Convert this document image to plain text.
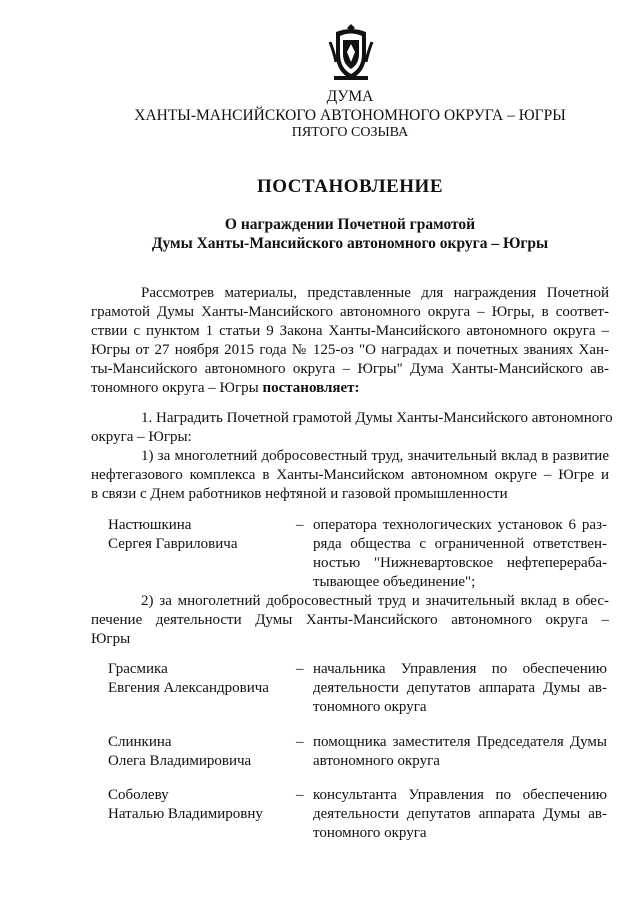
ДУМА
ХАНТЫ-МАНСИЙСКОГО АВТОНОМНОГО ОКРУГА – ЮГРЫ
ПЯТОГО СОЗЫВА
ПОСТАНОВЛЕНИЕ
О награждении Почетной грамотой
Думы Ханты-Мансийского автономного округа – Югры
Рассмотрев материалы, представленные для награждения Почетной
грамотой Думы Ханты-Мансийского автономного округа – Югры, в соответ-
ствии с пунктом 1 статьи 9 Закона Ханты-Мансийского автономного округа –
Югры от 27 ноября 2015 года № 125-оз "О наградах и почетных званиях Хан-
ты-Мансийского автономного округа – Югры" Дума Ханты-Мансийского ав-
тономного округа – Югры постановляет:
1. Наградить Почетной грамотой Думы Ханты-Мансийского автономного
округа – Югры:
1) за многолетний добросовестный труд, значительный вклад в развитие
нефтегазового комплекса в Ханты-Мансийском автономном округе – Югре и
в связи с Днем работников нефтяной и газовой промышленности
Настюшкина
Сергея Гавриловича
– оператора технологических установок 6 раз-
ряда общества с ограниченной ответствен-
ностью "Нижневартовское нефтеперераба-
тывающее объединение";
2) за многолетний добросовестный труд и значительный вклад в обес-
печение деятельности Думы Ханты-Мансийского автономного округа –
Югры
Грасмика
Евгения Александровича
– начальника Управления по обеспечению
деятельности депутатов аппарата Думы ав-
тономного округа
Слинкина
Олега Владимировича
– помощника заместителя Председателя Думы
автономного округа
Соболеву
Наталью Владимировну
– консультанта Управления по обеспечению
деятельности депутатов аппарата Думы ав-
тономного округа
